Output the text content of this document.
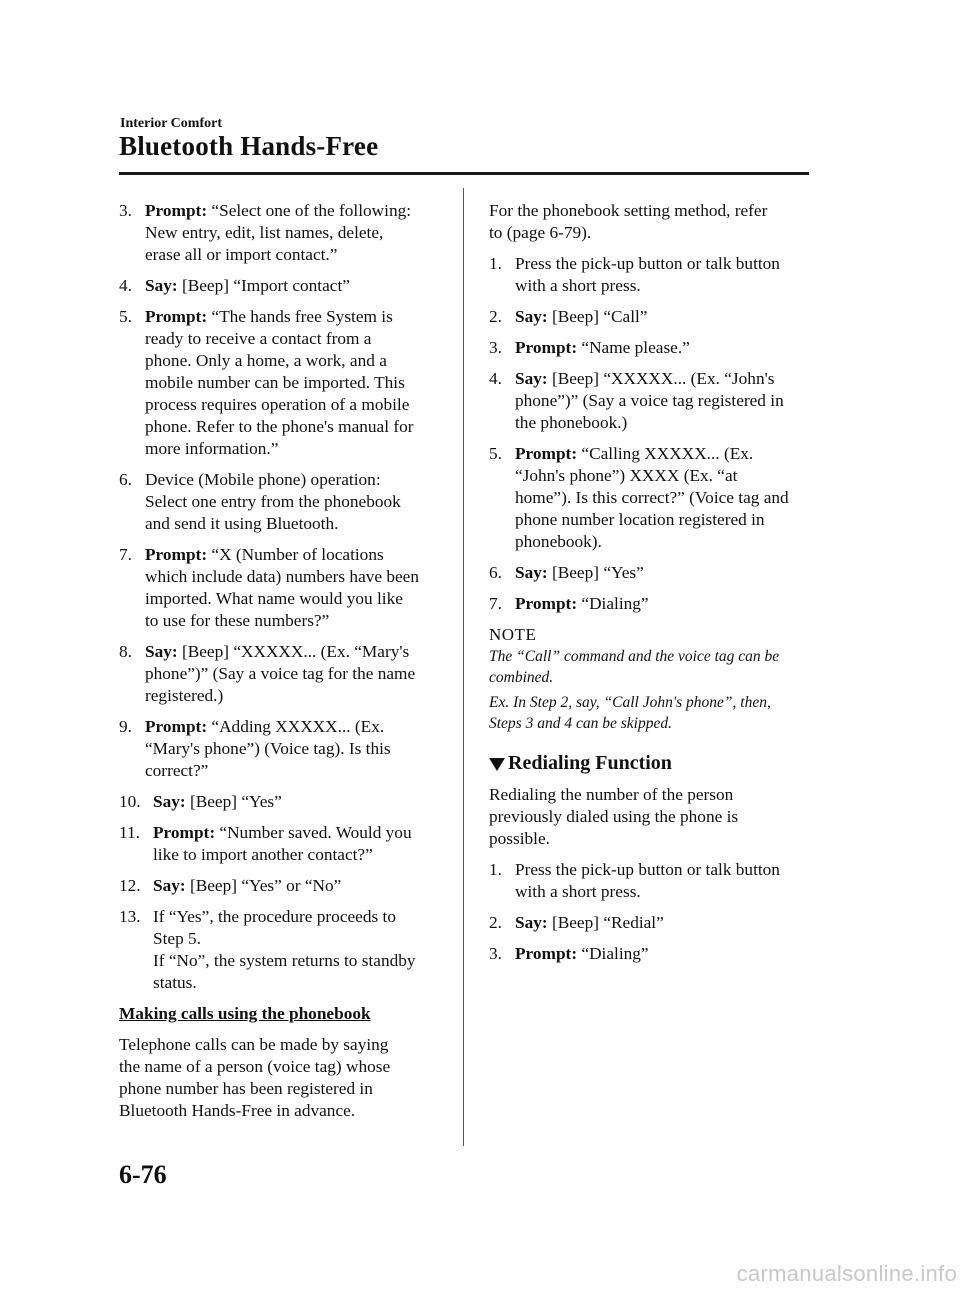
Interior Comfort
Bluetooth Hands-Free
3. Prompt: “Select one of the following:
New entry, edit, list names, delete,
erase all or import contact.”
4. Say: [Beep] “Import contact”
5. Prompt: “The hands free System is
ready to receive a contact from a
phone. Only a home, a work, and a
mobile number can be imported. This
process requires operation of a mobile
phone. Refer to the phone's manual for
more information.”
6. Device (Mobile phone) operation:
Select one entry from the phonebook
and send it using Bluetooth.
7. Prompt: “X (Number of locations
which include data) numbers have been
imported. What name would you like
to use for these numbers?”
8. Say: [Beep] “XXXXX... (Ex. “Mary's
phone”)” (Say a voice tag for the name
registered.)
9. Prompt: “Adding XXXXX... (Ex.
“Mary's phone”) (Voice tag). Is this
correct?”
10. Say: [Beep] “Yes”
11. Prompt: “Number saved. Would you
like to import another contact?”
12. Say: [Beep] “Yes” or “No”
13. If “Yes”, the procedure proceeds to
Step 5.
If “No”, the system returns to standby
status.
Making calls using the phonebook
Telephone calls can be made by saying
the name of a person (voice tag) whose
phone number has been registered in
Bluetooth Hands-Free in advance.
For the phonebook setting method, refer
to (page 6-79).
1. Press the pick-up button or talk button
with a short press.
2. Say: [Beep] “Call”
3. Prompt: “Name please.”
4. Say: [Beep] “XXXXX... (Ex. “John's
phone”)” (Say a voice tag registered in
the phonebook.)
5. Prompt: “Calling XXXXX... (Ex.
“John's phone”) XXXX (Ex. “at
home”). Is this correct?” (Voice tag and
phone number location registered in
phonebook).
6. Say: [Beep] “Yes”
7. Prompt: “Dialing”
NOTE
The “Call” command and the voice tag can be
combined.
Ex. In Step 2, say, “Call John's phone”, then,
Steps 3 and 4 can be skipped.
Redialing Function
Redialing the number of the person
previously dialed using the phone is
possible.
1. Press the pick-up button or talk button
with a short press.
2. Say: [Beep] “Redial”
3. Prompt: “Dialing”
6-76
carmanualsonline.info
